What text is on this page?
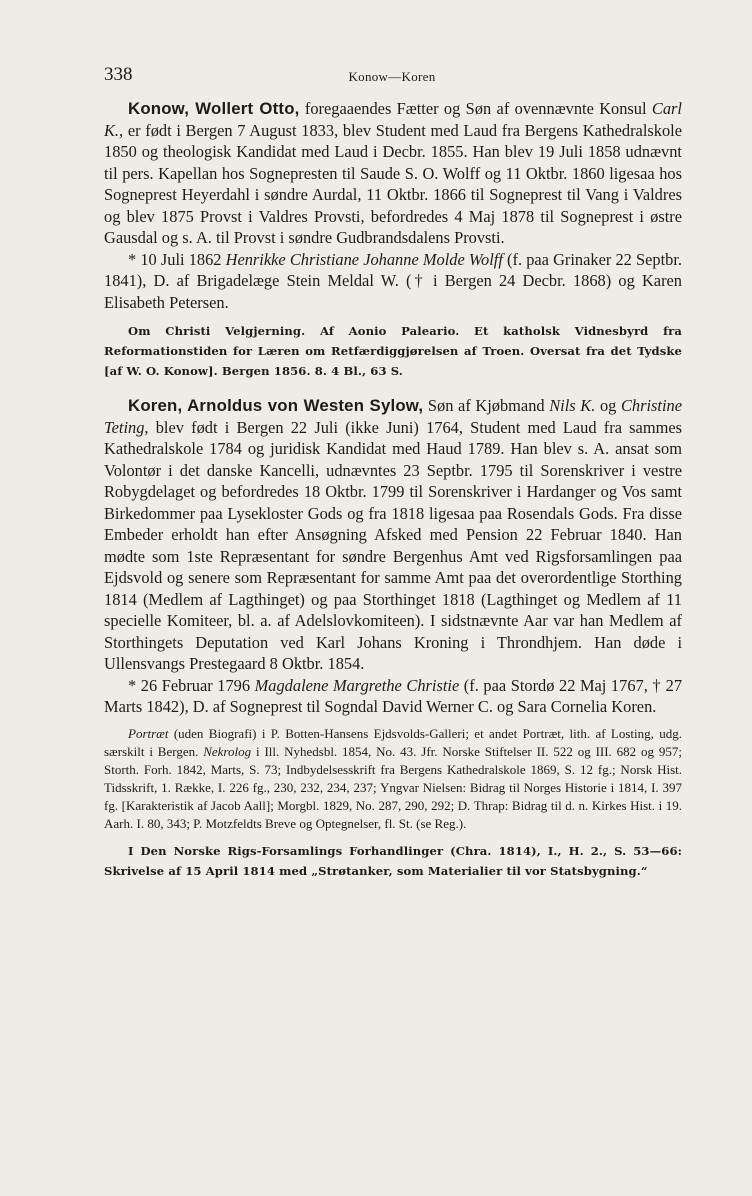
338	Konow—Koren

Konow, Wollert Otto, foregaaendes Fætter og Søn af ovennævnte Konsul Carl K., er født i Bergen 7 August 1833, blev Student med Laud fra Bergens Kathedralskole 1850 og theologisk Kandidat med Laud i Decbr. 1855. Han blev 19 Juli 1858 udnævnt til pers. Kapellan hos Sognepresten til Saude S. O. Wolff og 11 Oktbr. 1860 ligesaa hos Sogneprest Heyerdahl i søndre Aurdal, 11 Oktbr. 1866 til Sogneprest til Vang i Valdres og blev 1875 Provst i Valdres Provsti, befordredes 4 Maj 1878 til Sogneprest i østre Gausdal og s. A. til Provst i søndre Gudbrandsdalens Provsti.

* 10 Juli 1862 Henrikke Christiane Johanne Molde Wolff (f. paa Grinaker 22 Septbr. 1841), D. af Brigadelæge Stein Meldal W. († i Bergen 24 Decbr. 1868) og Karen Elisabeth Petersen.

Om Christi Velgjerning. Af Aonio Paleario. Et katholsk Vidnesbyrd fra Reformationstiden for Læren om Retfærdiggjørelsen af Troen. Oversat fra det Tydske [af W. O. Konow]. Bergen 1856. 8. 4 Bl., 63 S.

Koren, Arnoldus von Westen Sylow, Søn af Kjøbmand Nils K. og Christine Teting, blev født i Bergen 22 Juli (ikke Juni) 1764, Student med Laud fra sammes Kathedralskole 1784 og juridisk Kandidat med Haud 1789. Han blev s. A. ansat som Volontør i det danske Kancelli, udnævntes 23 Septbr. 1795 til Sorenskriver i vestre Robygdelaget og befordredes 18 Oktbr. 1799 til Sorenskriver i Hardanger og Vos samt Birkedommer paa Lysekloster Gods og fra 1818 ligesaa paa Rosendals Gods. Fra disse Embeder erholdt han efter Ansøgning Afsked med Pension 22 Februar 1840. Han mødte som 1ste Repræsentant for søndre Bergenhus Amt ved Rigsforsamlingen paa Ejdsvold og senere som Repræsentant for samme Amt paa det overordentlige Storthing 1814 (Medlem af Lagthinget) og paa Storthinget 1818 (Lagthinget og Medlem af 11 specielle Komiteer, bl. a. af Adelslovkomiteen). I sidstnævnte Aar var han Medlem af Storthingets Deputation ved Karl Johans Kroning i Throndhjem. Han døde i Ullensvangs Prestegaard 8 Oktbr. 1854.

* 26 Februar 1796 Magdalene Margrethe Christie (f. paa Stordø 22 Maj 1767, † 27 Marts 1842), D. af Sogneprest til Sogndal David Werner C. og Sara Cornelia Koren.

Portræt (uden Biografi) i P. Botten-Hansens Ejdsvolds-Galleri; et andet Portræt, lith. af Losting, udg. særskilt i Bergen. Nekrolog i Ill. Nyhedsbl. 1854, No. 43. Jfr. Norske Stiftelser II. 522 og III. 682 og 957; Storth. Forh. 1842, Marts, S. 73; Indbydelsesskrift fra Bergens Kathedralskole 1869, S. 12 fg.; Norsk Hist. Tidsskrift, 1. Række, I. 226 fg., 230, 232, 234, 237; Yngvar Nielsen: Bidrag til Norges Historie i 1814, I. 397 fg. [Karakteristik af Jacob Aall]; Morgbl. 1829, No. 287, 290, 292; D. Thrap: Bidrag til d. n. Kirkes Hist. i 19. Aarh. I. 80, 343; P. Motzfeldts Breve og Optegnelser, fl. St. (se Reg.).

I Den Norske Rigs-Forsamlings Forhandlinger (Chra. 1814), I., H. 2., S. 53—66: Skrivelse af 15 April 1814 med „Strøtanker, som Materialier til vor Statsbygning.“
